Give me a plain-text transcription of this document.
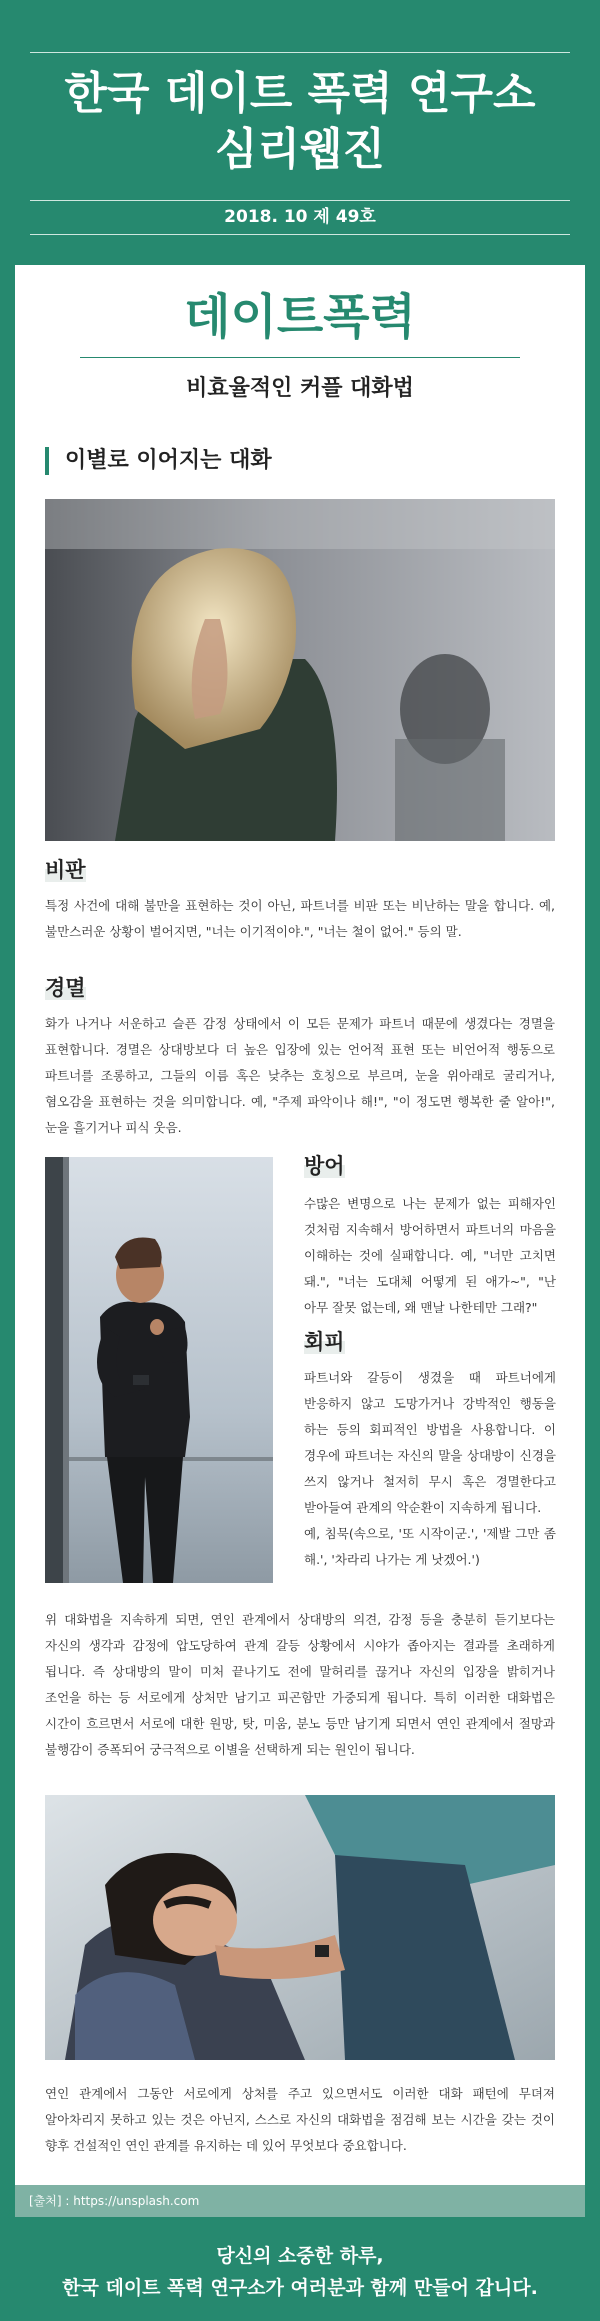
한국 데이트 폭력 연구소
심리웹진
2018. 10 제 49호
데이트폭력
비효율적인 커플 대화법
이별로 이어지는 대화
비판
특정 사건에 대해 불만을 표현하는 것이 아닌, 파트너를 비판 또는 비난하는 말을 합니다. 예, 불만스러운 상황이 벌어지면, "너는 이기적이야.", "너는 철이 없어." 등의 말.
경멸
화가 나거나 서운하고 슬픈 감정 상태에서 이 모든 문제가 파트너 때문에 생겼다는 경멸을 표현합니다. 경멸은 상대방보다 더 높은 입장에 있는 언어적 표현 또는 비언어적 행동으로 파트너를 조롱하고, 그들의 이름 혹은 낮추는 호칭으로 부르며, 눈을 위아래로 굴리거나, 혐오감을 표현하는 것을 의미합니다. 예, "주제 파악이나 해!", "이 정도면 행복한 줄 알아!", 눈을 흘기거나 피식 웃음.
방어
수많은 변명으로 나는 문제가 없는 피해자인 것처럼 지속해서 방어하면서 파트너의 마음을 이해하는 것에 실패합니다. 예, "너만 고치면 돼.", "너는 도대체 어떻게 된 애가~", "난 아무 잘못 없는데, 왜 맨날 나한테만 그래?"
회피
파트너와 갈등이 생겼을 때 파트너에게 반응하지 않고 도망가거나 강박적인 행동을 하는 등의 회피적인 방법을 사용합니다. 이 경우에 파트너는 자신의 말을 상대방이 신경을 쓰지 않거나 철저히 무시 혹은 경멸한다고 받아들여 관계의 악순환이 지속하게 됩니다.
예, 침묵(속으로, '또 시작이군.', '제발 그만 좀 해.', '차라리 나가는 게 낫겠어.')
위 대화법을 지속하게 되면, 연인 관계에서 상대방의 의견, 감정 등을 충분히 듣기보다는 자신의 생각과 감정에 압도당하여 관계 갈등 상황에서 시야가 좁아지는 결과를 초래하게 됩니다. 즉 상대방의 말이 미처 끝나기도 전에 말허리를 끊거나 자신의 입장을 밝히거나 조언을 하는 등 서로에게 상처만 남기고 피곤함만 가중되게 됩니다. 특히 이러한 대화법은 시간이 흐르면서 서로에 대한 원망, 탓, 미움, 분노 등만 남기게 되면서 연인 관계에서 절망과 불행감이 증폭되어 궁극적으로 이별을 선택하게 되는 원인이 됩니다.
연인 관계에서 그동안 서로에게 상처를 주고 있으면서도 이러한 대화 패턴에 무뎌져 알아차리지 못하고 있는 것은 아닌지, 스스로 자신의 대화법을 점검해 보는 시간을 갖는 것이 향후 건설적인 연인 관계를 유지하는 데 있어 무엇보다 중요합니다.
[출처] : https://unsplash.com
당신의 소중한 하루,
한국 데이트 폭력 연구소가 여러분과 함께 만들어 갑니다.
